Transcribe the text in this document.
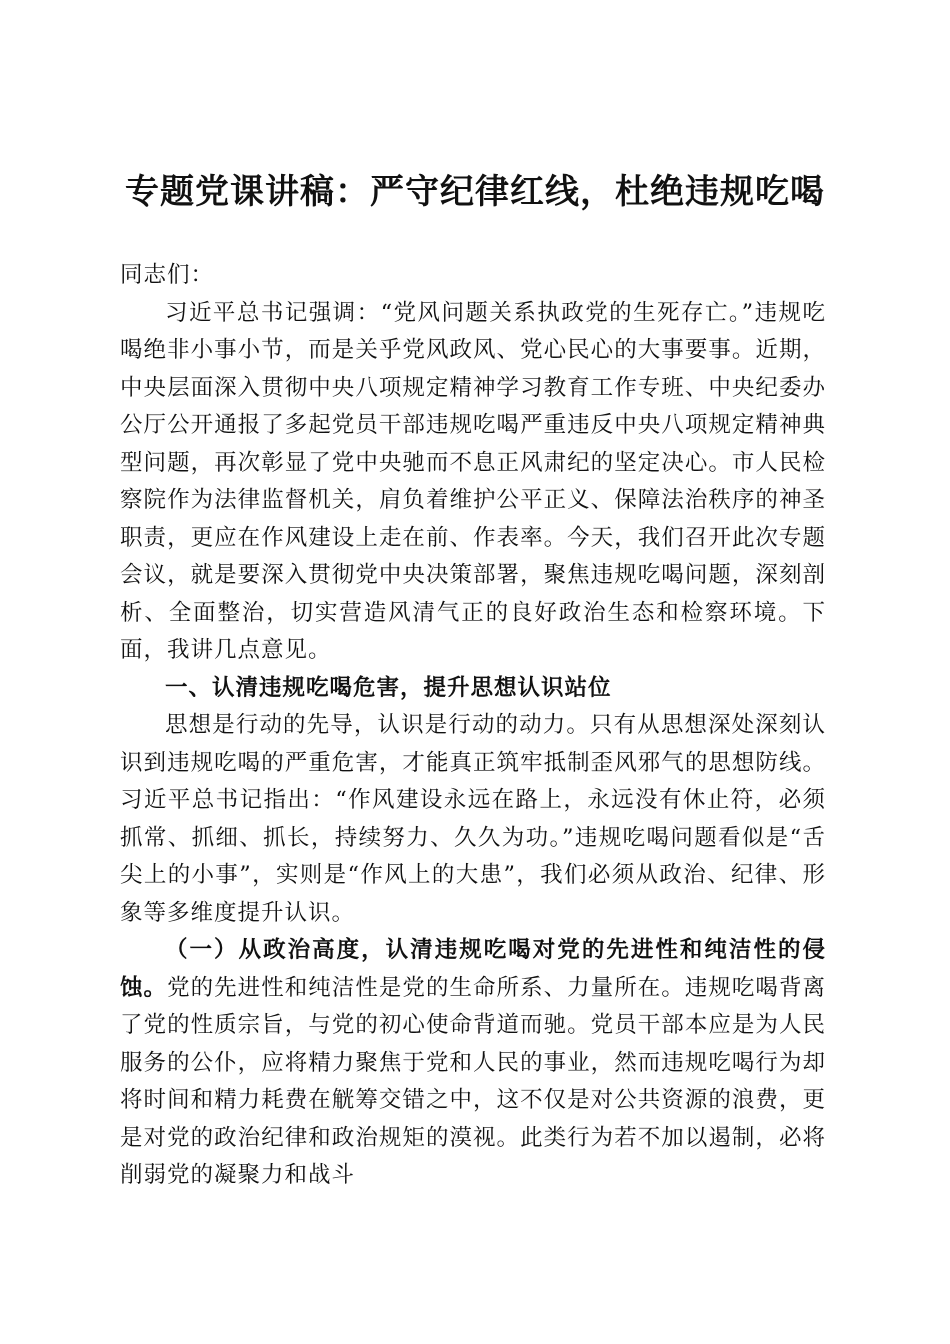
专题党课讲稿：严守纪律红线，杜绝违规吃喝

同志们：

习近平总书记强调：“党风问题关系执政党的生死存亡。”违规吃喝绝非小事小节，而是关乎党风政风、党心民心的大事要事。近期，中央层面深入贯彻中央八项规定精神学习教育工作专班、中央纪委办公厅公开通报了多起党员干部违规吃喝严重违反中央八项规定精神典型问题，再次彰显了党中央驰而不息正风肃纪的坚定决心。市人民检察院作为法律监督机关，肩负着维护公平正义、保障法治秩序的神圣职责，更应在作风建设上走在前、作表率。今天，我们召开此次专题会议，就是要深入贯彻党中央决策部署，聚焦违规吃喝问题，深刻剖析、全面整治，切实营造风清气正的良好政治生态和检察环境。下面，我讲几点意见。

一、认清违规吃喝危害，提升思想认识站位

思想是行动的先导，认识是行动的动力。只有从思想深处深刻认识到违规吃喝的严重危害，才能真正筑牢抵制歪风邪气的思想防线。习近平总书记指出：“作风建设永远在路上，永远没有休止符，必须抓常、抓细、抓长，持续努力、久久为功。”违规吃喝问题看似是“舌尖上的小事”，实则是“作风上的大患”，我们必须从政治、纪律、形象等多维度提升认识。

（一）从政治高度，认清违规吃喝对党的先进性和纯洁性的侵蚀。党的先进性和纯洁性是党的生命所系、力量所在。违规吃喝背离了党的性质宗旨，与党的初心使命背道而驰。党员干部本应是为人民服务的公仆，应将精力聚焦于党和人民的事业，然而违规吃喝行为却将时间和精力耗费在觥筹交错之中，这不仅是对公共资源的浪费，更是对党的政治纪律和政治规矩的漠视。此类行为若不加以遏制，必将削弱党的凝聚力和战斗
